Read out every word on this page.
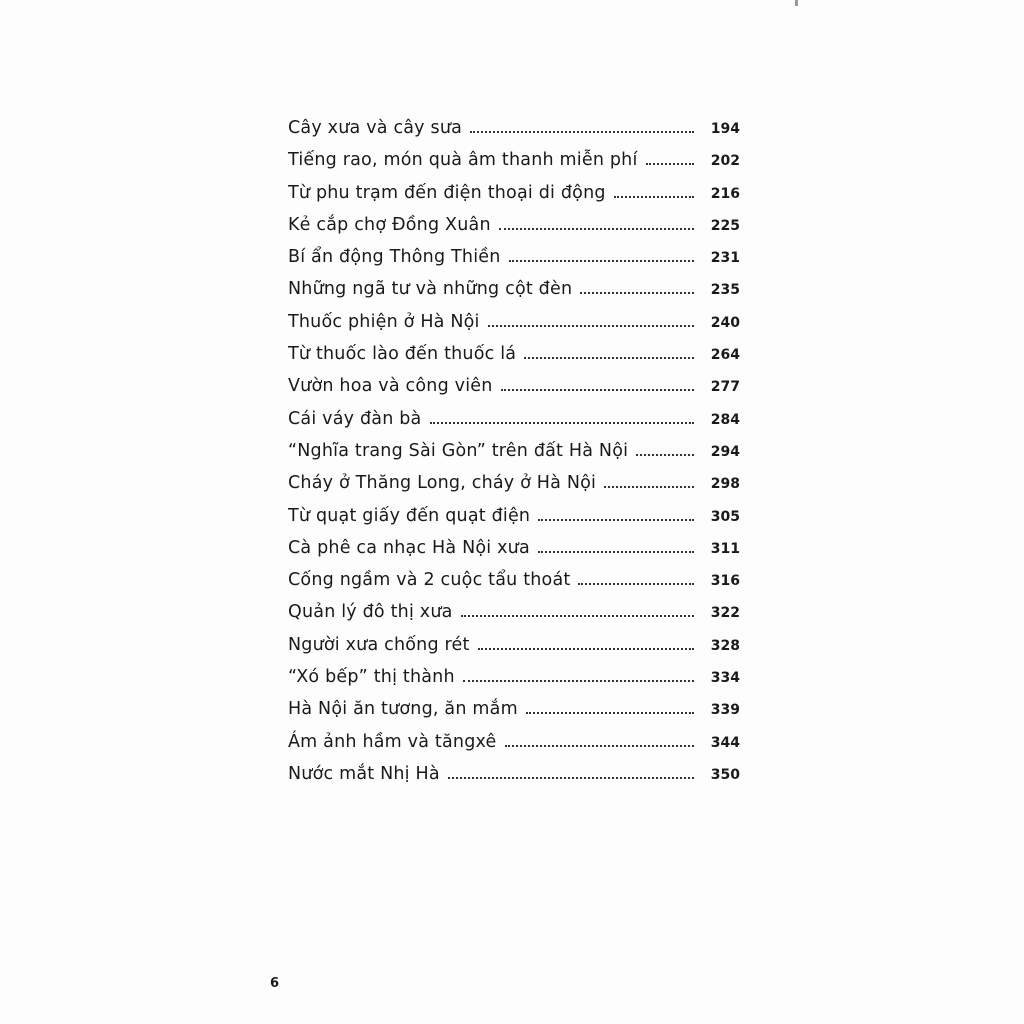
Cây xưa và cây sưa	194
Tiếng rao, món quà âm thanh miễn phí	202
Từ phu trạm đến điện thoại di động	216
Kẻ cắp chợ Đồng Xuân	225
Bí ẩn động Thông Thiền	231
Những ngã tư và những cột đèn	235
Thuốc phiện ở Hà Nội	240
Từ thuốc lào đến thuốc lá	264
Vườn hoa và công viên	277
Cái váy đàn bà	284
“Nghĩa trang Sài Gòn” trên đất Hà Nội	294
Cháy ở Thăng Long, cháy ở Hà Nội	298
Từ quạt giấy đến quạt điện	305
Cà phê ca nhạc Hà Nội xưa	311
Cống ngầm và 2 cuộc tẩu thoát	316
Quản lý đô thị xưa	322
Người xưa chống rét	328
“Xó bếp” thị thành	334
Hà Nội ăn tương, ăn mắm	339
Ám ảnh hầm và tăngxê	344
Nước mắt Nhị Hà	350
6
